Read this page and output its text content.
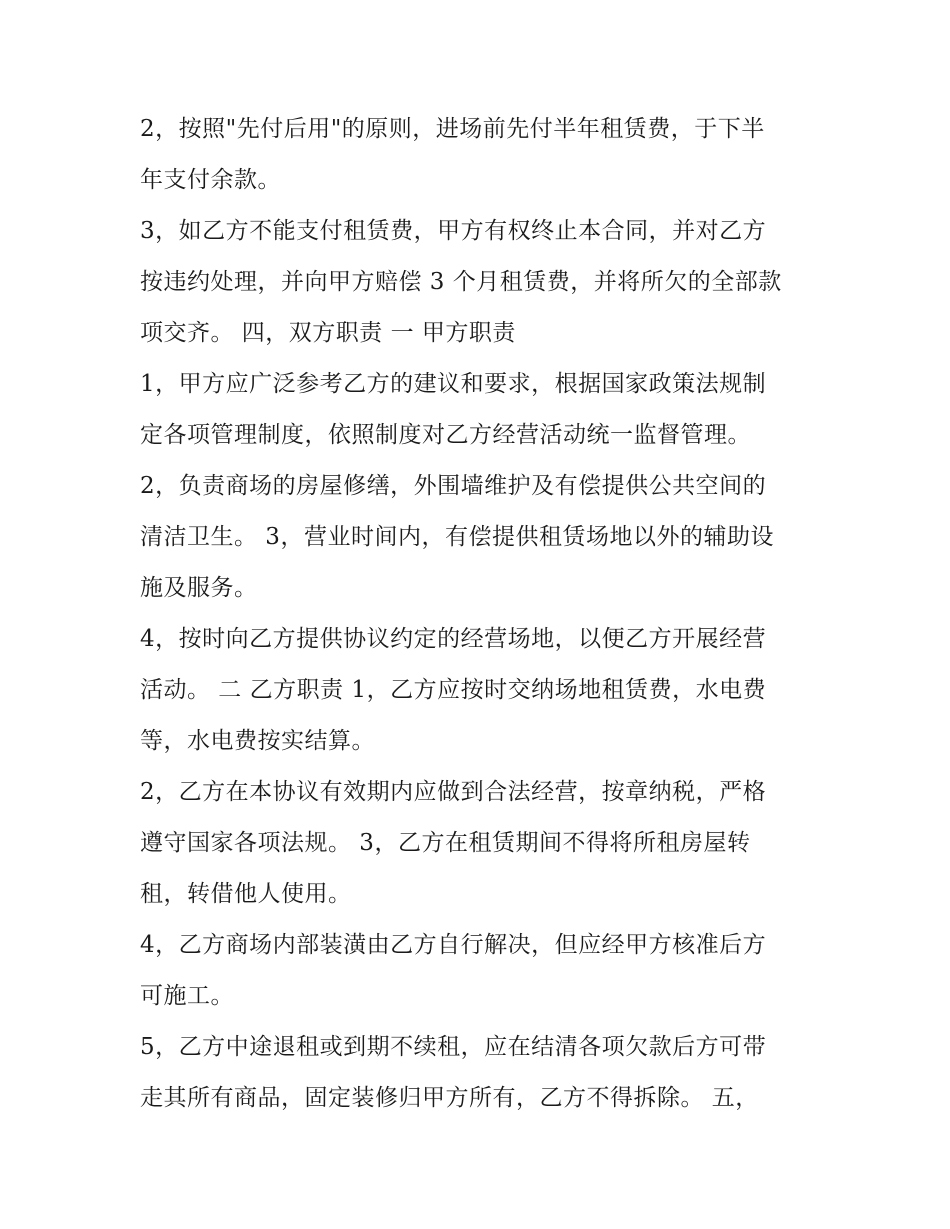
2，按照"先付后用"的原则，进场前先付半年租赁费，于下半
年支付余款。
3，如乙方不能支付租赁费，甲方有权终止本合同，并对乙方
按违约处理，并向甲方赔偿 3 个月租赁费，并将所欠的全部款
项交齐。 四，双方职责 一 甲方职责
1，甲方应广泛参考乙方的建议和要求，根据国家政策法规制
定各项管理制度，依照制度对乙方经营活动统一监督管理。
2，负责商场的房屋修缮，外围墙维护及有偿提供公共空间的
清洁卫生。 3，营业时间内，有偿提供租赁场地以外的辅助设
施及服务。
4，按时向乙方提供协议约定的经营场地，以便乙方开展经营
活动。 二 乙方职责 1，乙方应按时交纳场地租赁费，水电费
等，水电费按实结算。
2，乙方在本协议有效期内应做到合法经营，按章纳税，严格
遵守国家各项法规。 3，乙方在租赁期间不得将所租房屋转
租，转借他人使用。
4，乙方商场内部装潢由乙方自行解决，但应经甲方核准后方
可施工。
5，乙方中途退租或到期不续租，应在结清各项欠款后方可带
走其所有商品，固定装修归甲方所有，乙方不得拆除。 五，
